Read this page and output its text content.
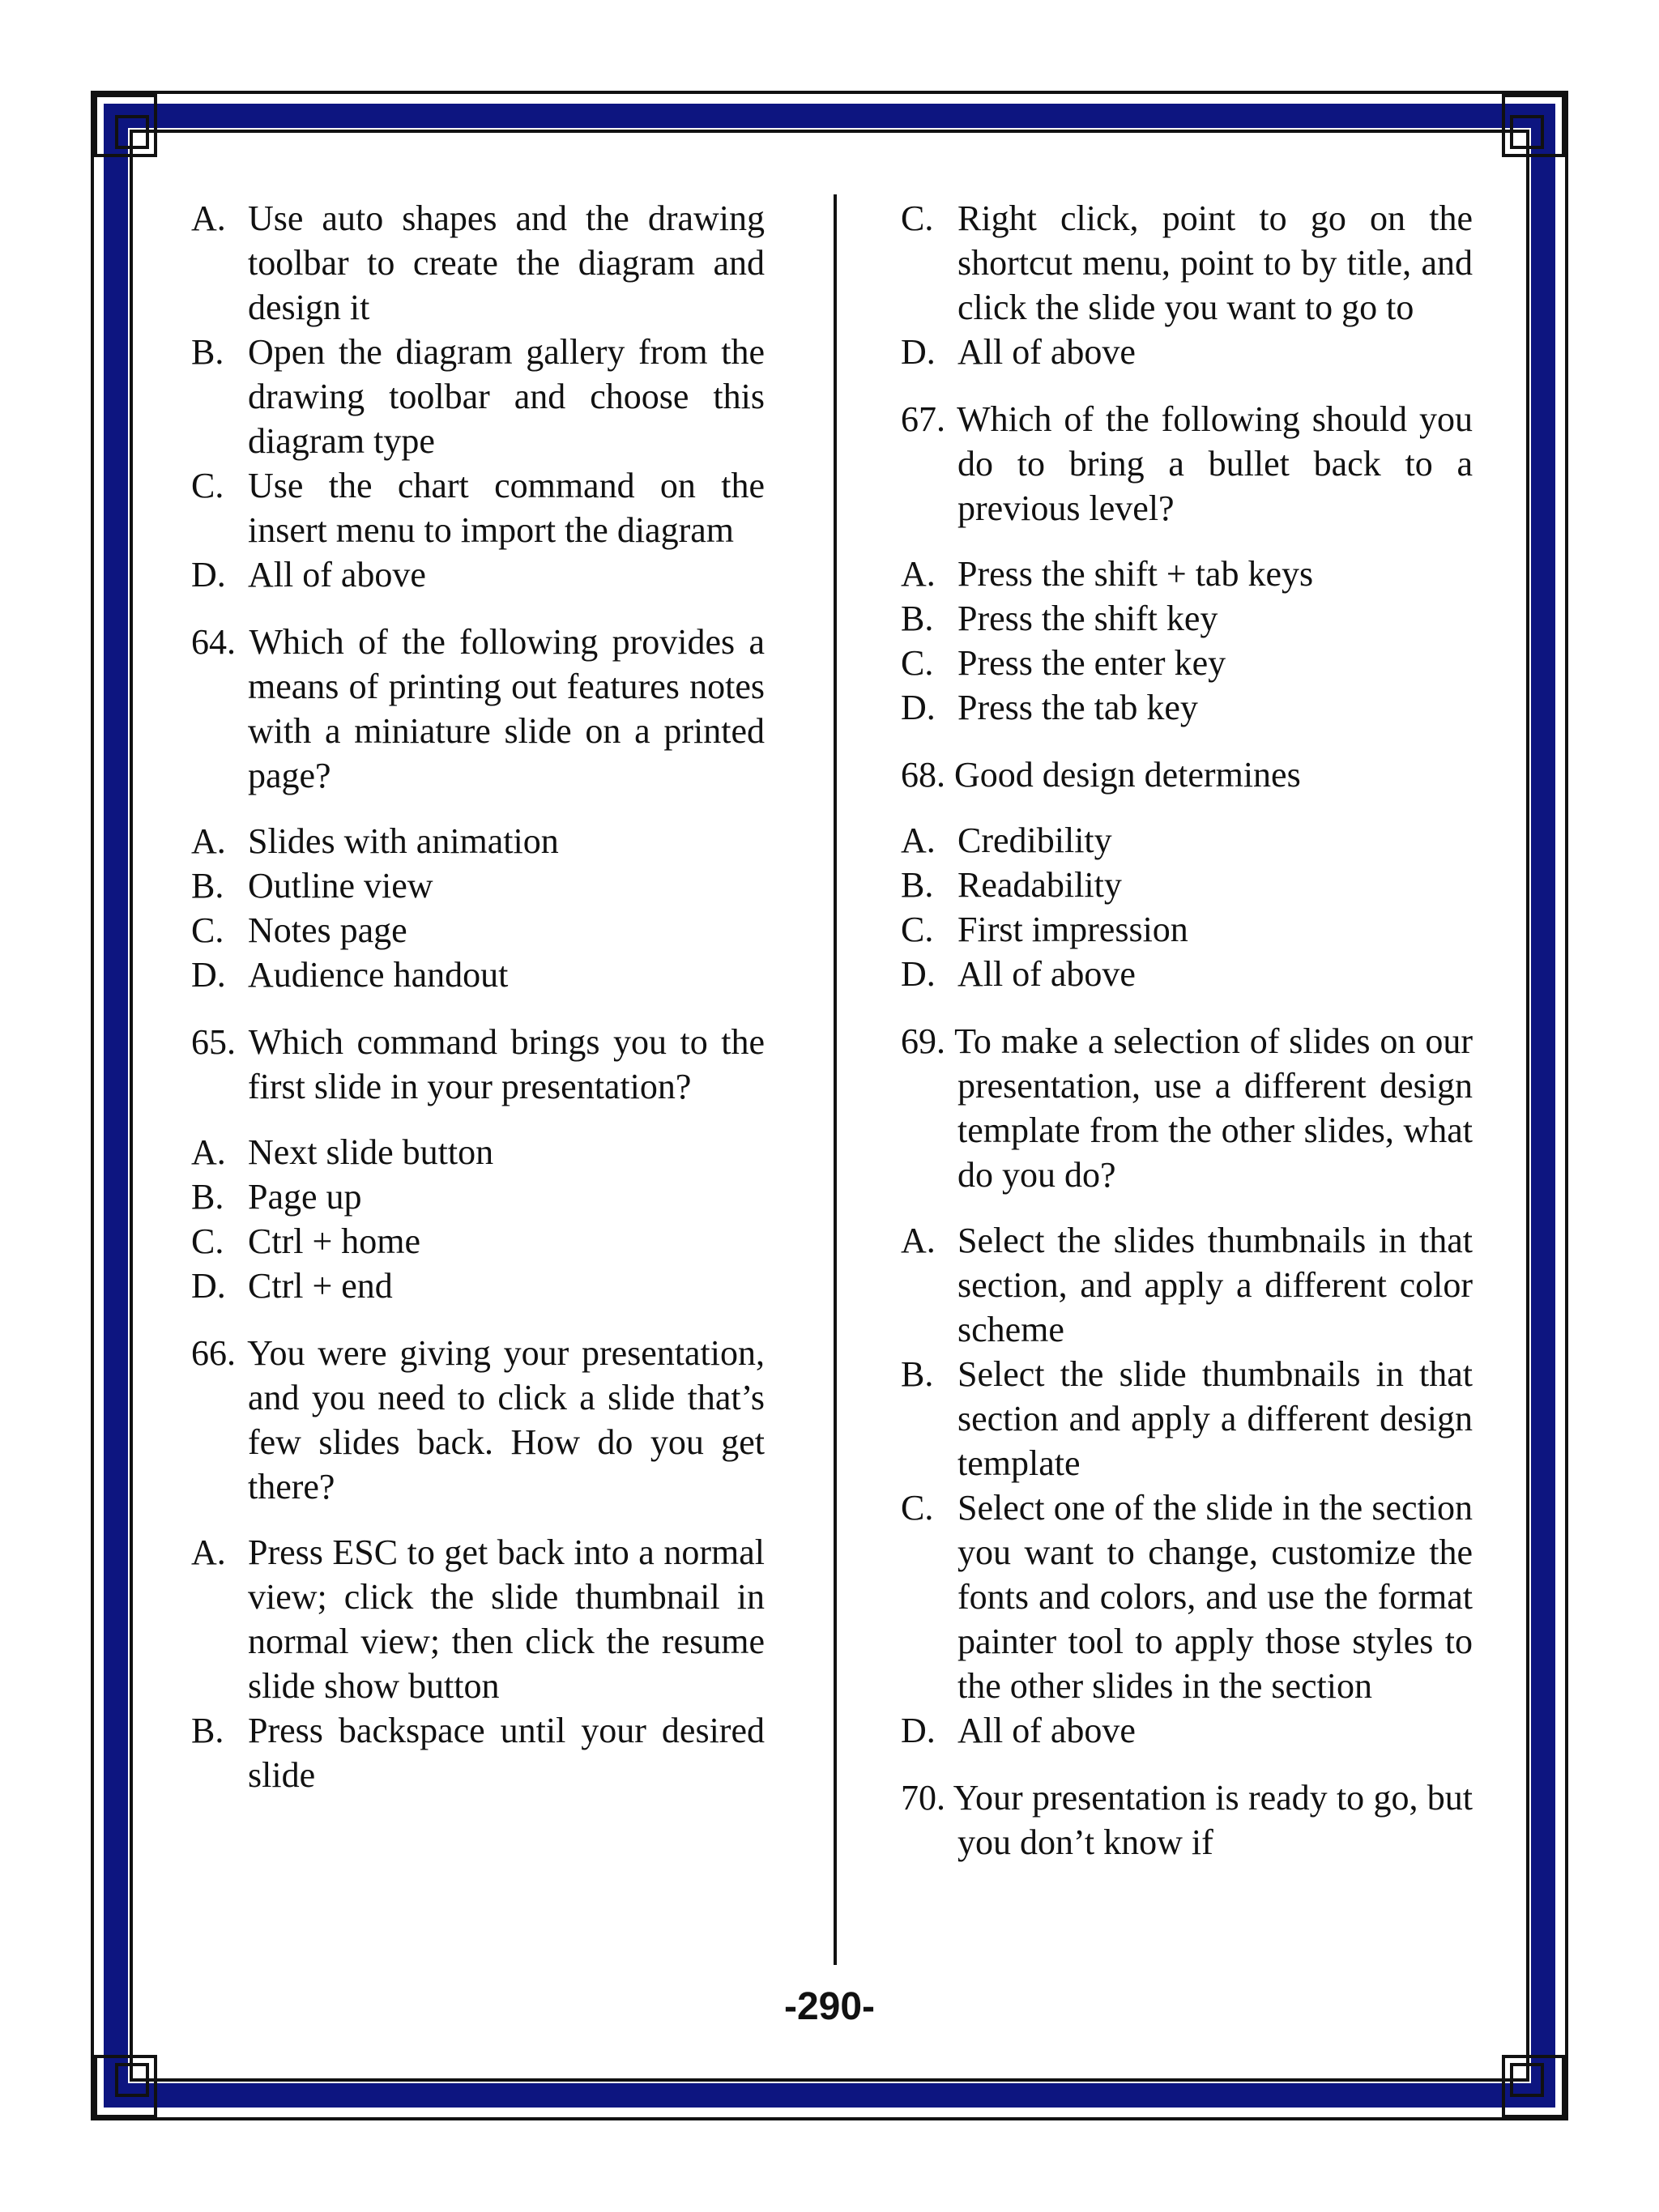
A. Use auto shapes and the drawing toolbar to create the diagram and design it
B. Open the diagram gallery from the drawing toolbar and choose this diagram type
C. Use the chart command on the insert menu to import the diagram
D. All of above
64. Which of the following provides a means of printing out features notes with a miniature slide on a printed page?
A. Slides with animation
B. Outline view
C. Notes page
D. Audience handout
65. Which command brings you to the first slide in your presentation?
A. Next slide button
B. Page up
C. Ctrl + home
D. Ctrl + end
66. You were giving your presentation, and you need to click a slide that’s few slides back. How do you get there?
A. Press ESC to get back into a normal view; click the slide thumbnail in normal view; then click the resume slide show button
B. Press backspace until your desired slide
C. Right click, point to go on the shortcut menu, point to by title, and click the slide you want to go to
D. All of above
67. Which of the following should you do to bring a bullet back to a previous level?
A. Press the shift + tab keys
B. Press the shift key
C. Press the enter key
D. Press the tab key
68. Good design determines
A. Credibility
B. Readability
C. First impression
D. All of above
69. To make a selection of slides on our presentation, use a different design template from the other slides, what do you do?
A. Select the slides thumbnails in that section, and apply a different color scheme
B. Select the slide thumbnails in that section and apply a different design template
C. Select one of the slide in the section you want to change, customize the fonts and colors, and use the format painter tool to apply those styles to the other slides in the section
D. All of above
70. Your presentation is ready to go, but you don’t know if
-290-
